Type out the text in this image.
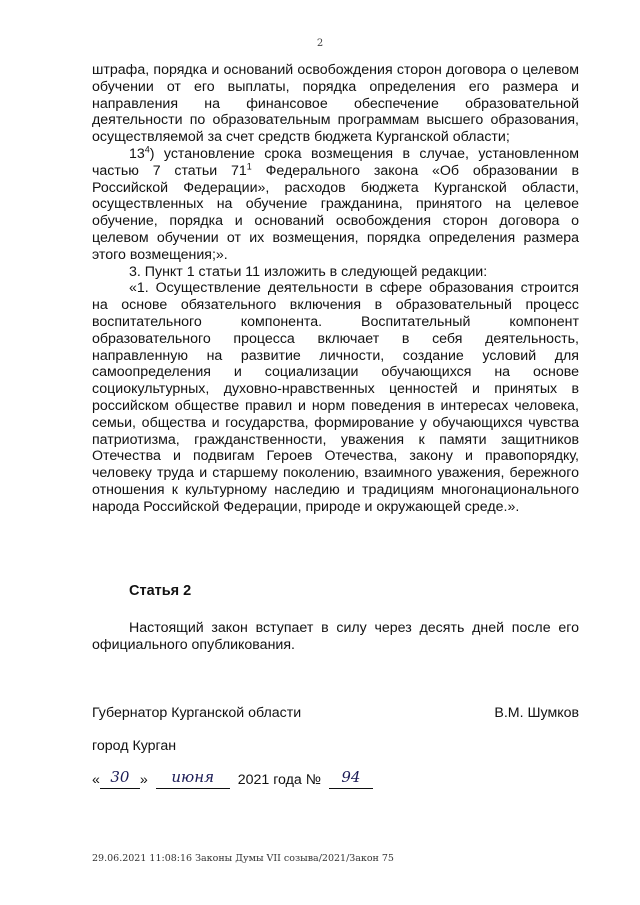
2

штрафа, порядка и оснований освобождения сторон договора о целевом обучении от его выплаты, порядка определения его размера и направления на финансовое обеспечение образовательной деятельности по образовательным программам высшего образования, осуществляемой за счет средств бюджета Курганской области;

$13^4$) установление срока возмещения в случае, установленном частью 7 статьи $71^1$ Федерального закона «Об образовании в Российской Федерации», расходов бюджета Курганской области, осуществленных на обучение гражданина, принятого на целевое обучение, порядка и оснований освобождения сторон договора о целевом обучении от их возмещения, порядка определения размера этого возмещения;».

3. Пункт 1 статьи 11 изложить в следующей редакции:

«1. Осуществление деятельности в сфере образования строится на основе обязательного включения в образовательный процесс воспитательного компонента. Воспитательный компонент образовательного процесса включает в себя деятельность, направленную на развитие личности, создание условий для самоопределения и социализации обучающихся на основе социокультурных, духовно-нравственных ценностей и принятых в российском обществе правил и норм поведения в интересах человека, семьи, общества и государства, формирование у обучающихся чувства патриотизма, гражданственности, уважения к памяти защитников Отечества и подвигам Героев Отечества, закону и правопорядку, человеку труда и старшему поколению, взаимного уважения, бережного отношения к культурному наследию и традициям многонационального народа Российской Федерации, природе и окружающей среде.».

Статья 2

Настоящий закон вступает в силу через десять дней после его официального опубликования.

Губернатор Курганской области	В.М. Шумков
город Курган
« 30 » июня 2021 года № 94
29.06.2021 11:08:16 Законы Думы VII созыва/2021/Закон 75
